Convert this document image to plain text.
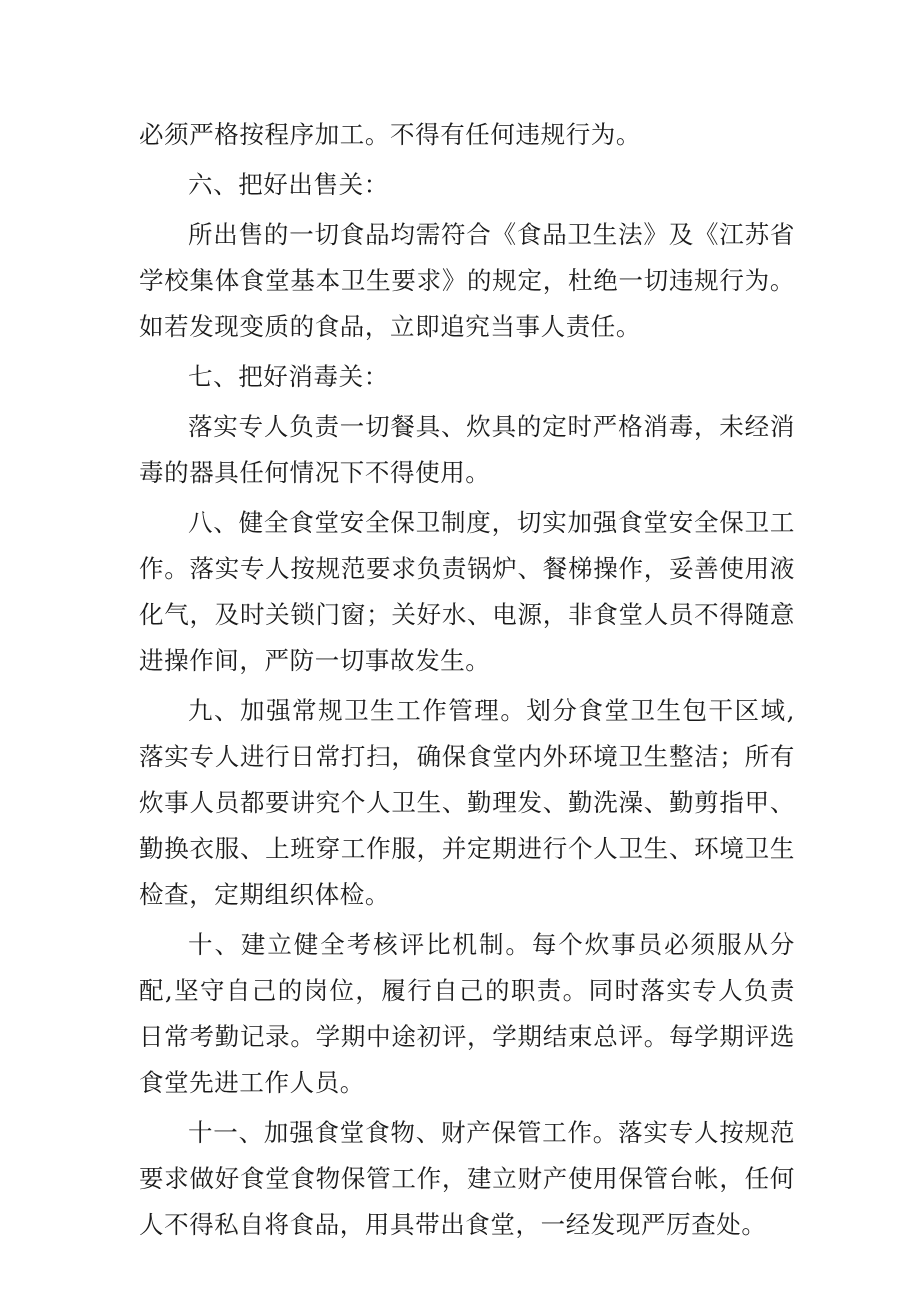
必须严格按程序加工。不得有任何违规行为。

六、把好出售关：

所出售的一切食品均需符合《食品卫生法》及《江苏省学校集体食堂基本卫生要求》的规定，杜绝一切违规行为。如若发现变质的食品，立即追究当事人责任。

七、把好消毒关：

落实专人负责一切餐具、炊具的定时严格消毒，未经消毒的器具任何情况下不得使用。

八、健全食堂安全保卫制度，切实加强食堂安全保卫工作。落实专人按规范要求负责锅炉、餐梯操作，妥善使用液化气，及时关锁门窗；关好水、电源，非食堂人员不得随意进操作间，严防一切事故发生。

九、加强常规卫生工作管理。划分食堂卫生包干区域,落实专人进行日常打扫，确保食堂内外环境卫生整洁；所有炊事人员都要讲究个人卫生、勤理发、勤洗澡、勤剪指甲、勤换衣服、上班穿工作服，并定期进行个人卫生、环境卫生检查，定期组织体检。

十、建立健全考核评比机制。每个炊事员必须服从分配,坚守自己的岗位，履行自己的职责。同时落实专人负责日常考勤记录。学期中途初评，学期结束总评。每学期评选食堂先进工作人员。

十一、加强食堂食物、财产保管工作。落实专人按规范要求做好食堂食物保管工作，建立财产使用保管台帐，任何人不得私自将食品，用具带出食堂，一经发现严厉查处。
